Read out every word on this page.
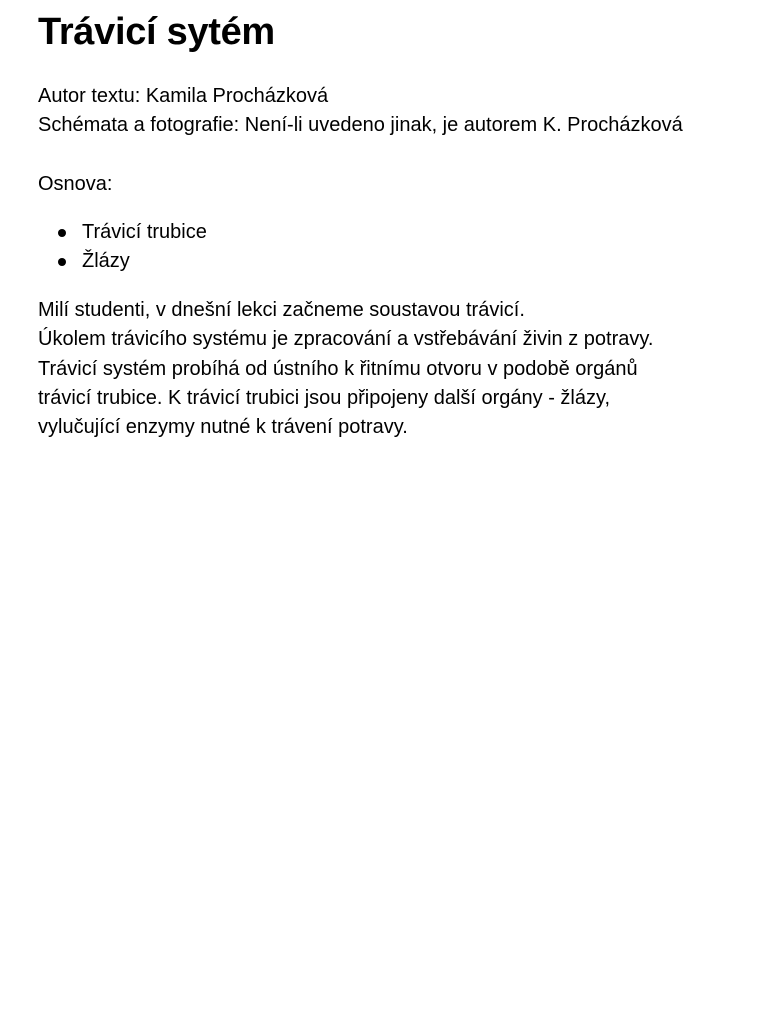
Trávicí sytém
Autor textu: Kamila Procházková
Schémata a fotografie: Není-li uvedeno jinak, je autorem K. Procházková
Osnova:
Trávicí trubice
Žlázy
Milí studenti, v dnešní lekci začneme soustavou trávicí.
Úkolem trávicího systému je zpracování a vstřebávání živin z potravy.
Trávicí systém probíhá od ústního k řitnímu otvoru v podobě orgánů
trávicí trubice. K trávicí trubici jsou připojeny další orgány - žlázy,
vylučující enzymy nutné k trávení potravy.
